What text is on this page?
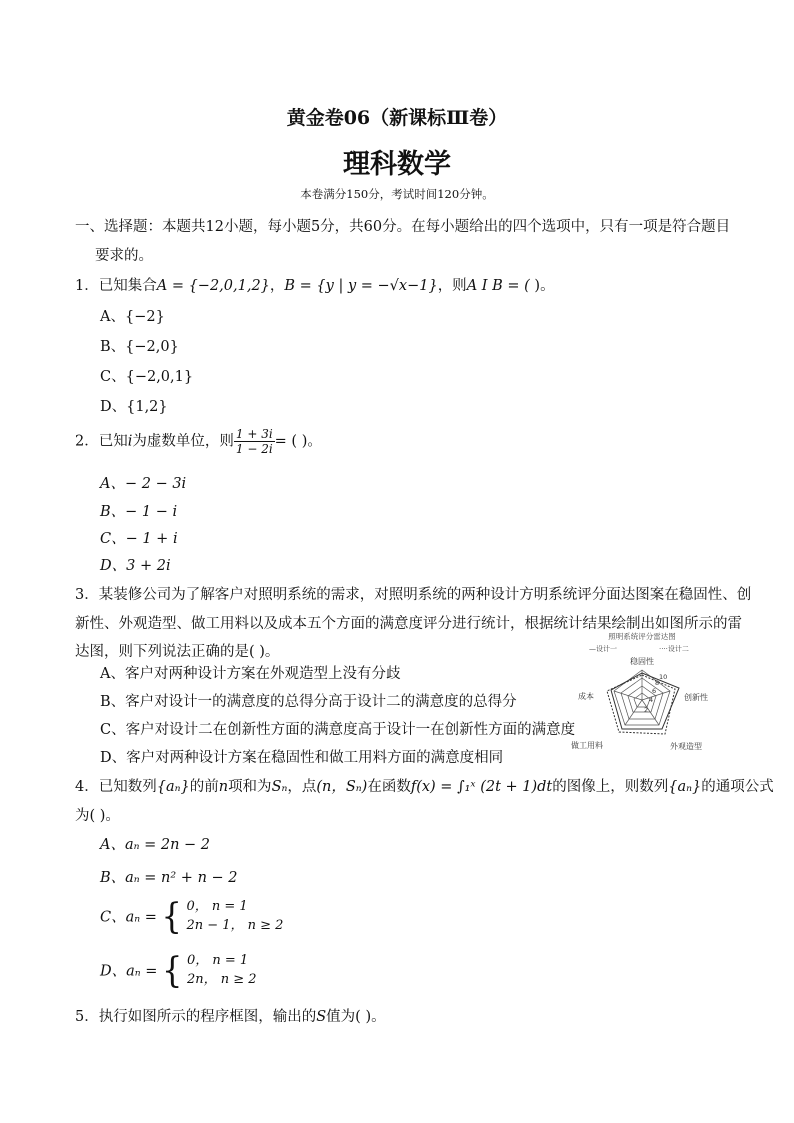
黄金卷06（新课标Ⅲ卷）
理科数学
本卷满分150分，考试时间120分钟。
一、选择题：本题共12小题，每小题5分，共60分。在每小题给出的四个选项中，只有一项是符合题目
要求的。
1．已知集合A = {−2,0,1,2}，B = {y | y = −√x−1}，则A I B = ( )。
A、{−2}
B、{−2,0}
C、{−2,0,1}
D、{1,2}
2．已知i为虚数单位，则 $\frac{1 + 3i}{1 - 2i}$ = ( )。
A、− 2 − 3i
B、− 1 − i
C、− 1 + i
D、3 + 2i
3．某装修公司为了解客户对照明系统的需求，对照明系统的两种设计方明系统评分面达图案在稳固性、创
新性、外观造型、做工用料以及成本五个方面的满意度评分进行统计，根据统计结果绘制出如图所示的雷
达图，则下列说法正确的是( )。
A、客户对两种设计方案在外观造型上没有分歧
B、客户对设计一的满意度的总得分高于设计二的满意度的总得分
C、客户对设计二在创新性方面的满意度高于设计一在创新性方面的满意度
D、客户对两种设计方案在稳固性和做工用料方面的满意度相同
照明系统评分雷达图
—设计一	····设计二
2
4
6
8
10
稳固性
创新性
外观造型
做工用料
成本
4．已知数列{aₙ}的前n项和为Sₙ，点(n，Sₙ)在函数f(x) = ∫₁ˣ (2t + 1)dt的图像上，则数列{aₙ}的通项公式
为( )。
A、aₙ = 2n − 2
B、aₙ = n² + n − 2
C、aₙ = { 0， n = 1
2n − 1， n ≥ 2
D、aₙ = { 0， n = 1
2n， n ≥ 2
5．执行如图所示的程序框图，输出的S值为( )。
